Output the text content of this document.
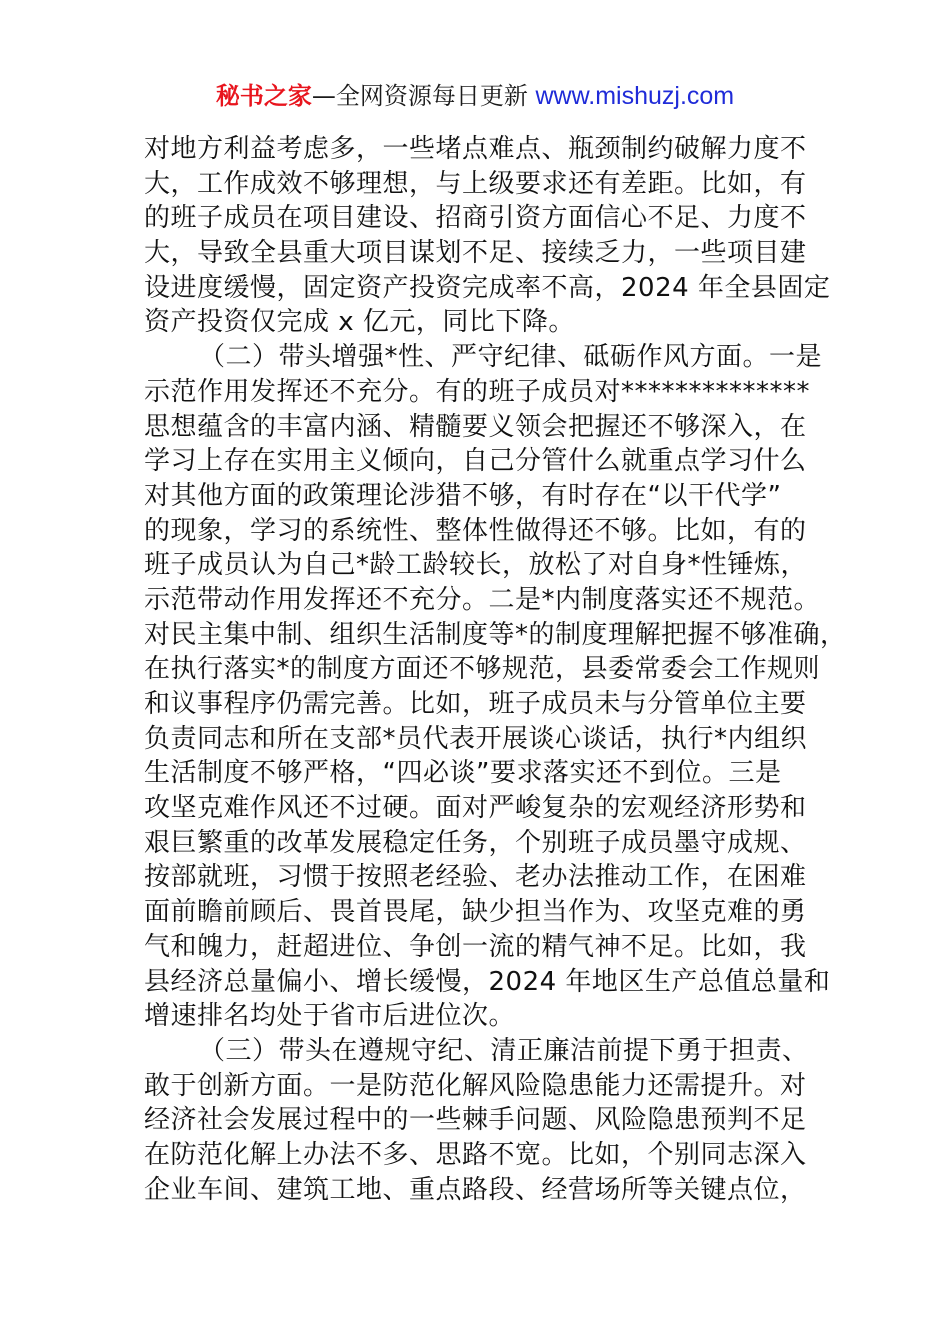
秘书之家—全网资源每日更新 www.mishuzj.com
对地方利益考虑多，一些堵点难点、瓶颈制约破解力度不
大，工作成效不够理想，与上级要求还有差距。比如，有
的班子成员在项目建设、招商引资方面信心不足、力度不
大，导致全县重大项目谋划不足、接续乏力，一些项目建
设进度缓慢，固定资产投资完成率不高，2024 年全县固定
资产投资仅完成 x 亿元，同比下降。
（二）带头增强*性、严守纪律、砥砺作风方面。一是
示范作用发挥还不充分。有的班子成员对**************
思想蕴含的丰富内涵、精髓要义领会把握还不够深入，在
学习上存在实用主义倾向，自己分管什么就重点学习什么
对其他方面的政策理论涉猎不够，有时存在“以干代学”
的现象，学习的系统性、整体性做得还不够。比如，有的
班子成员认为自己*龄工龄较长，放松了对自身*性锤炼，
示范带动作用发挥还不充分。二是*内制度落实还不规范。
对民主集中制、组织生活制度等*的制度理解把握不够准确，
在执行落实*的制度方面还不够规范，县委常委会工作规则
和议事程序仍需完善。比如，班子成员未与分管单位主要
负责同志和所在支部*员代表开展谈心谈话，执行*内组织
生活制度不够严格，“四必谈”要求落实还不到位。三是
攻坚克难作风还不过硬。面对严峻复杂的宏观经济形势和
艰巨繁重的改革发展稳定任务，个别班子成员墨守成规、
按部就班，习惯于按照老经验、老办法推动工作，在困难
面前瞻前顾后、畏首畏尾，缺少担当作为、攻坚克难的勇
气和魄力，赶超进位、争创一流的精气神不足。比如，我
县经济总量偏小、增长缓慢，2024 年地区生产总值总量和
增速排名均处于省市后进位次。
（三）带头在遵规守纪、清正廉洁前提下勇于担责、
敢于创新方面。一是防范化解风险隐患能力还需提升。对
经济社会发展过程中的一些棘手问题、风险隐患预判不足
在防范化解上办法不多、思路不宽。比如，个别同志深入
企业车间、建筑工地、重点路段、经营场所等关键点位，
